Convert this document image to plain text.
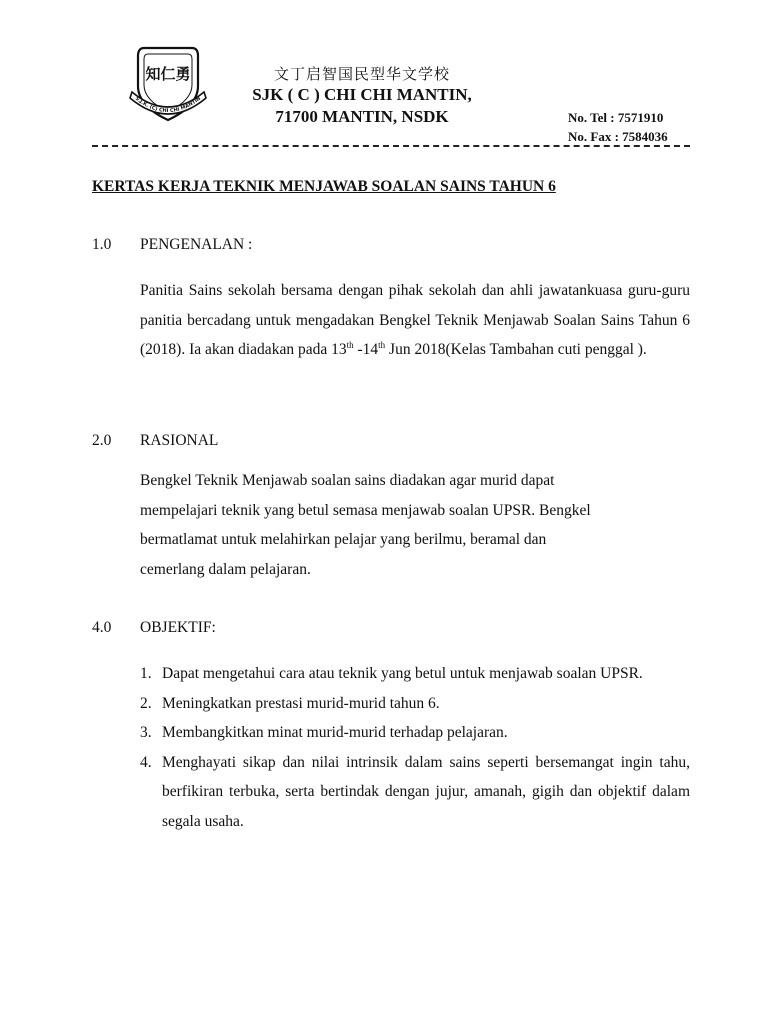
知仁勇
S.J.K. (C) CHI CHI MANTIN
文丁启智国民型华文学校
SJK ( C ) CHI CHI MANTIN,
71700 MANTIN, NSDK	No. Tel : 7571910
No. Fax : 7584036
KERTAS KERJA TEKNIK MENJAWAB SOALAN SAINS TAHUN 6
1.0 PENGENALAN :
Panitia Sains sekolah bersama dengan pihak sekolah dan ahli jawatankuasa guru-guru panitia bercadang untuk mengadakan Bengkel Teknik Menjawab Soalan Sains Tahun 6 (2018). Ia akan diadakan pada 13th -14th Jun 2018(Kelas Tambahan cuti penggal ).
2.0 RASIONAL
Bengkel Teknik Menjawab soalan sains diadakan agar murid dapat
mempelajari teknik yang betul semasa menjawab soalan UPSR. Bengkel
bermatlamat untuk melahirkan pelajar yang berilmu, beramal dan
cemerlang dalam pelajaran.
4.0 OBJEKTIF:
1. Dapat mengetahui cara atau teknik yang betul untuk menjawab soalan UPSR.
2. Meningkatkan prestasi murid-murid tahun 6.
3. Membangkitkan minat murid-murid terhadap pelajaran.
4. Menghayati sikap dan nilai intrinsik dalam sains seperti bersemangat ingin tahu, berfikiran terbuka, serta bertindak dengan jujur, amanah, gigih dan objektif dalam segala usaha.
